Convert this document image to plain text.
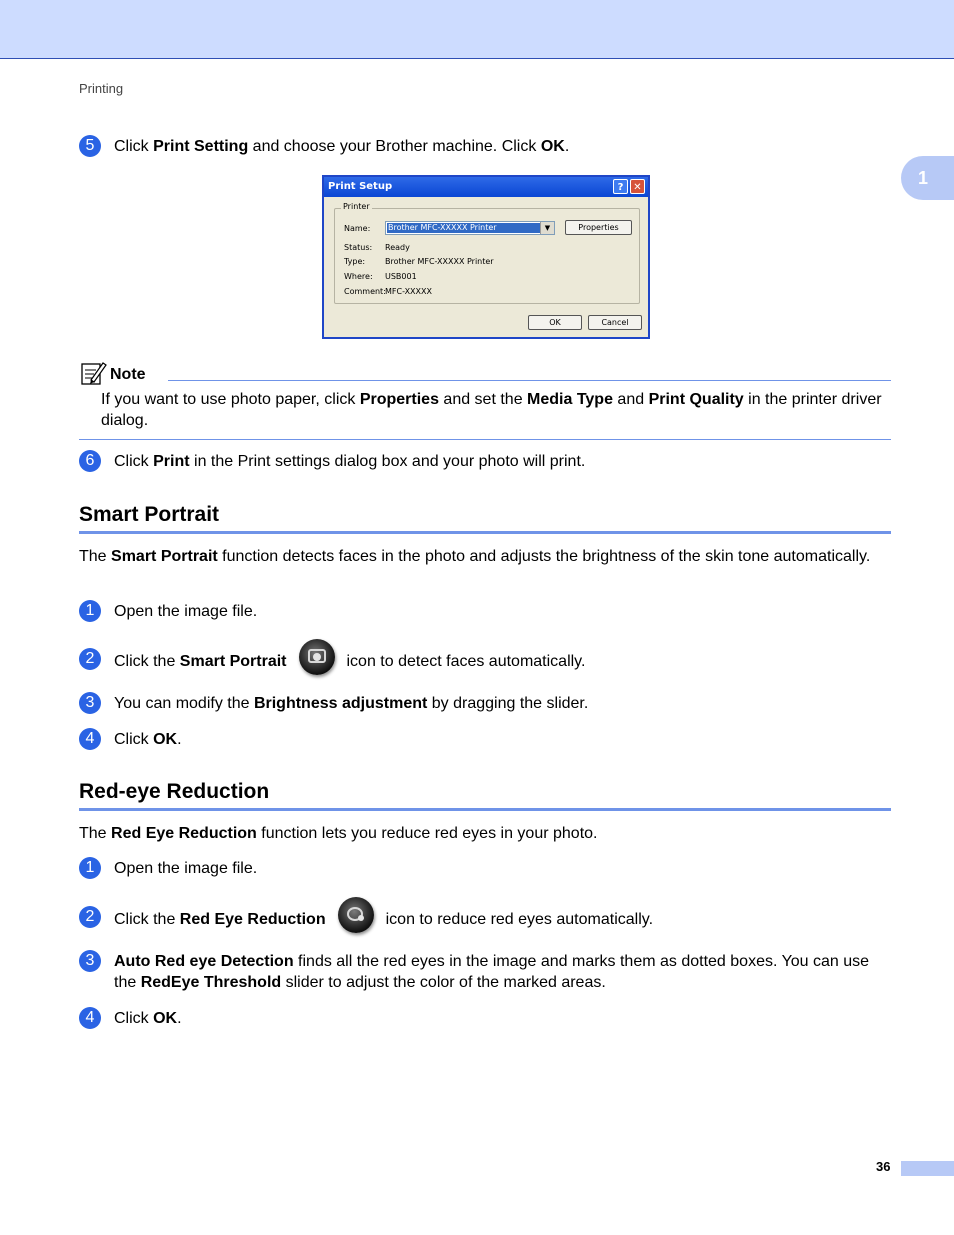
Printing
1
5	Click Print Setting and choose your Brother machine. Click OK.
Print Setup	? ✕
Printer
Name:	Brother MFC-XXXXX Printer	▼	Properties
Status: Ready
Type: Brother MFC-XXXXX Printer
Where: USB001
Comment:MFC-XXXXX
OK	Cancel
Note
If you want to use photo paper, click Properties and set the Media Type and Print Quality in the printer driver dialog.
6	Click Print in the Print settings dialog box and your photo will print.
Smart Portrait
The Smart Portrait function detects faces in the photo and adjusts the brightness of the skin tone automatically.
1	Open the image file.
2	Click the Smart Portrait	icon to detect faces automatically.
3	You can modify the Brightness adjustment by dragging the slider.
4	Click OK.
Red-eye Reduction
The Red Eye Reduction function lets you reduce red eyes in your photo.
1	Open the image file.
2	Click the Red Eye Reduction	icon to reduce red eyes automatically.
3	Auto Red eye Detection finds all the red eyes in the image and marks them as dotted boxes. You can use the RedEye Threshold slider to adjust the color of the marked areas.
4	Click OK.
36
